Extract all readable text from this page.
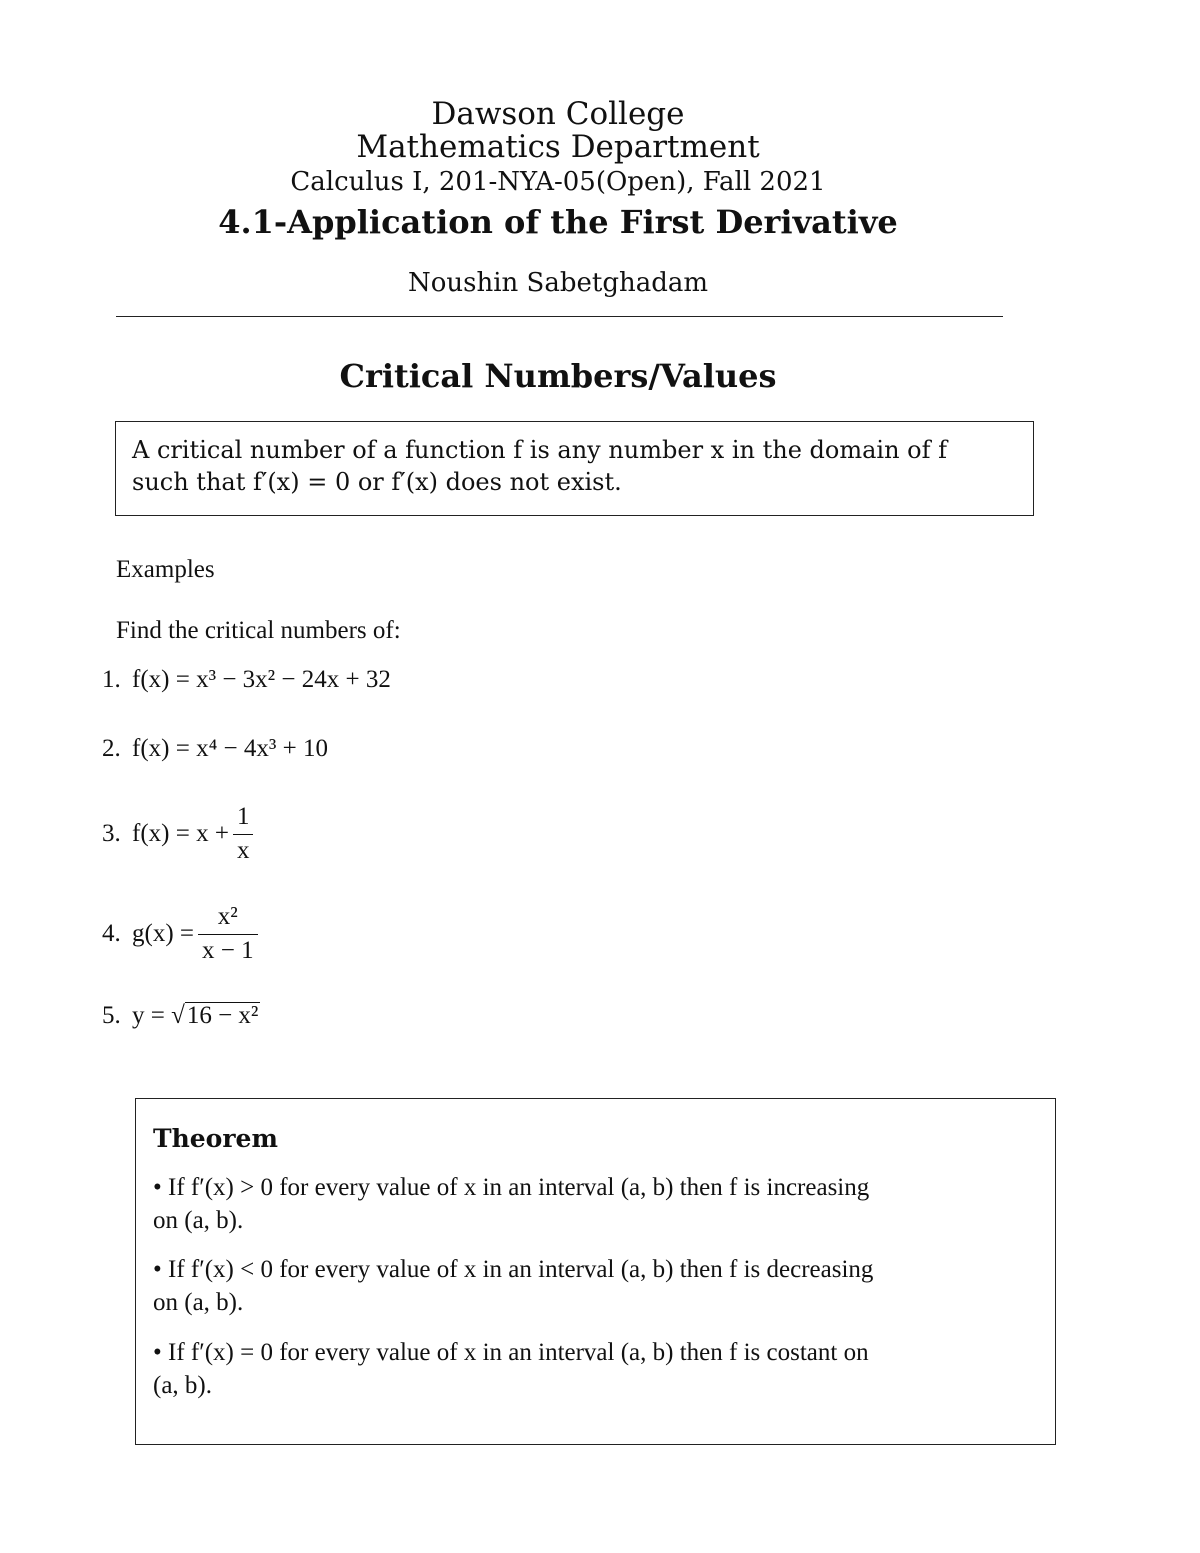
Dawson College
Mathematics Department
Calculus I, 201-NYA-05(Open), Fall 2021
4.1-Application of the First Derivative
Noushin Sabetghadam
Critical Numbers/Values
A critical number of a function f is any number x in the domain of f
such that f′(x) = 0 or f′(x) does not exist.
Examples
Find the critical numbers of:
1. f(x) = x³ − 3x² − 24x + 32
2. f(x) = x⁴ − 4x³ + 10
3. $f(x) = x + \frac{1}{x}$
4. $g(x) = \frac{\text{x²}}{x - 1}$
5. y = √16 − x²
Theorem
• If f′(x) > 0 for every value of x in an interval (a, b) then f is increasing
on (a, b).
• If f′(x) < 0 for every value of x in an interval (a, b) then f is decreasing
on (a, b).
• If f′(x) = 0 for every value of x in an interval (a, b) then f is costant on
(a, b).
